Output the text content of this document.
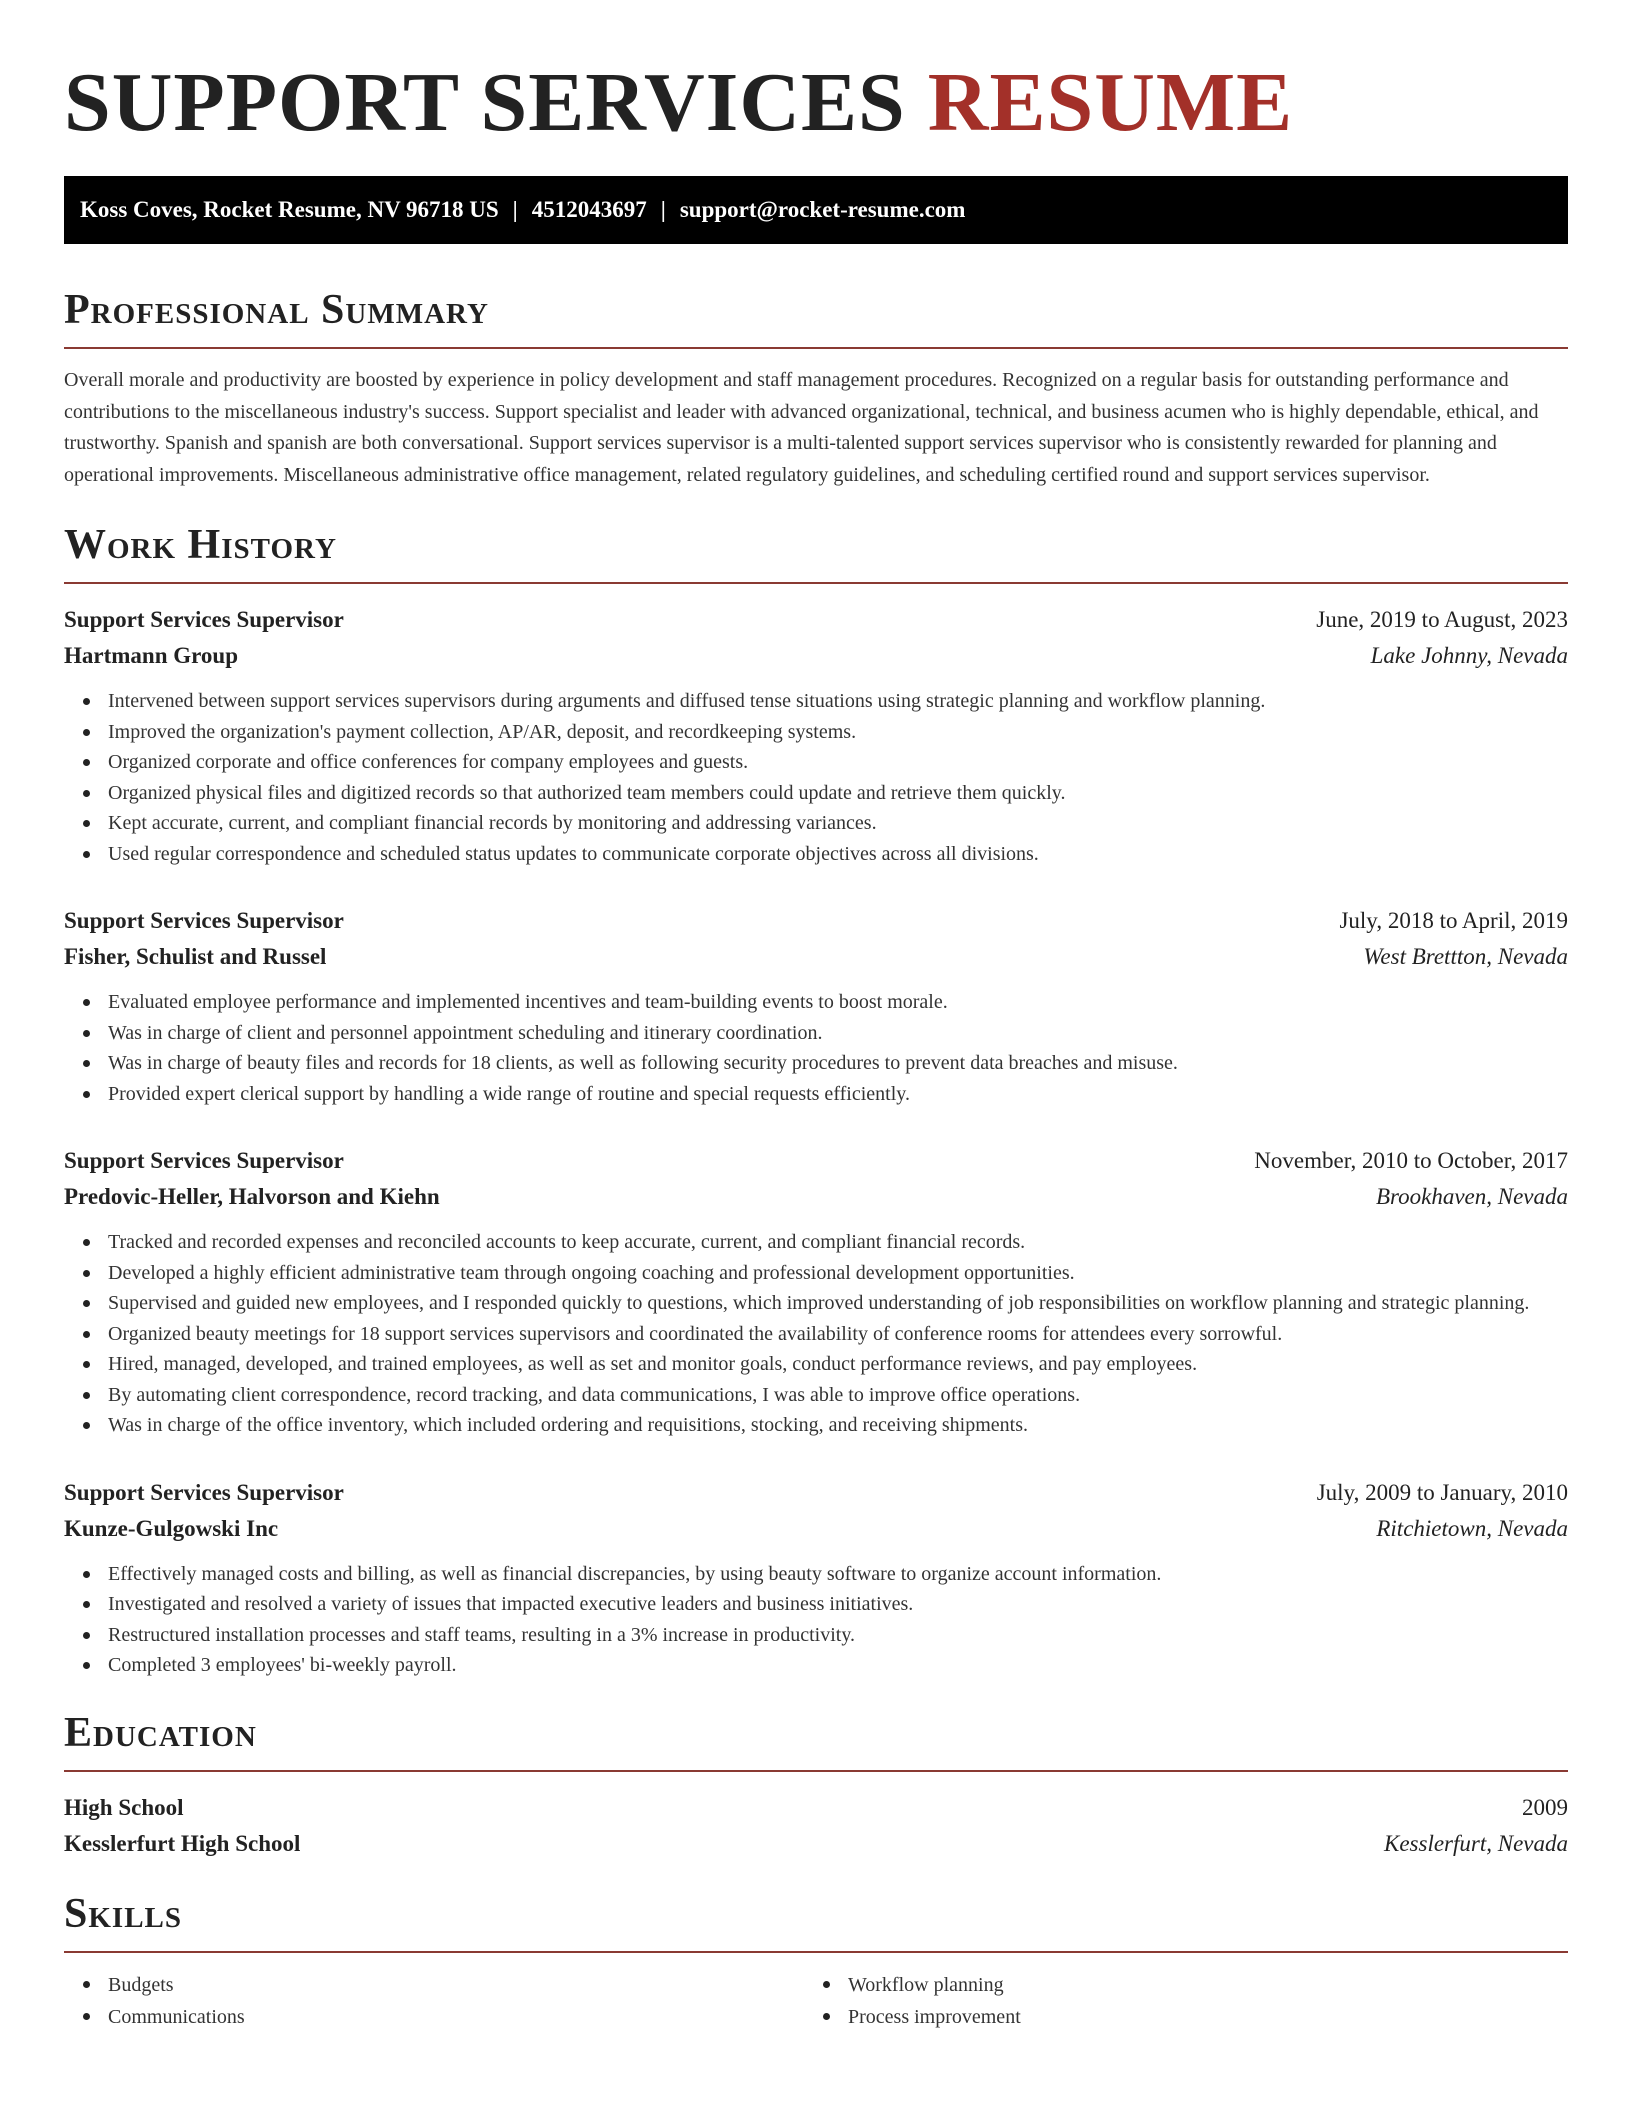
SUPPORT SERVICES RESUME
Koss Coves, Rocket Resume, NV 96718 US | 4512043697 | support@rocket-resume.com
Professional Summary

Overall morale and productivity are boosted by experience in policy development and staff management procedures. Recognized on a regular basis for outstanding performance and contributions to the miscellaneous industry's success. Support specialist and leader with advanced organizational, technical, and business acumen who is highly dependable, ethical, and trustworthy. Spanish and spanish are both conversational. Support services supervisor is a multi-talented support services supervisor who is consistently rewarded for planning and operational improvements. Miscellaneous administrative office management, related regulatory guidelines, and scheduling certified round and support services supervisor.

Work History
Support Services Supervisor	June, 2019 to August, 2023
Hartmann Group	Lake Johnny, Nevada
Intervened between support services supervisors during arguments and diffused tense situations using strategic planning and workflow planning.
Improved the organization's payment collection, AP/AR, deposit, and recordkeeping systems.
Organized corporate and office conferences for company employees and guests.
Organized physical files and digitized records so that authorized team members could update and retrieve them quickly.
Kept accurate, current, and compliant financial records by monitoring and addressing variances.
Used regular correspondence and scheduled status updates to communicate corporate objectives across all divisions.
Support Services Supervisor	July, 2018 to April, 2019
Fisher, Schulist and Russel	West Brettton, Nevada
Evaluated employee performance and implemented incentives and team-building events to boost morale.
Was in charge of client and personnel appointment scheduling and itinerary coordination.
Was in charge of beauty files and records for 18 clients, as well as following security procedures to prevent data breaches and misuse.
Provided expert clerical support by handling a wide range of routine and special requests efficiently.
Support Services Supervisor	November, 2010 to October, 2017
Predovic-Heller, Halvorson and Kiehn	Brookhaven, Nevada
Tracked and recorded expenses and reconciled accounts to keep accurate, current, and compliant financial records.
Developed a highly efficient administrative team through ongoing coaching and professional development opportunities.
Supervised and guided new employees, and I responded quickly to questions, which improved understanding of job responsibilities on workflow planning and strategic planning.
Organized beauty meetings for 18 support services supervisors and coordinated the availability of conference rooms for attendees every sorrowful.
Hired, managed, developed, and trained employees, as well as set and monitor goals, conduct performance reviews, and pay employees.
By automating client correspondence, record tracking, and data communications, I was able to improve office operations.
Was in charge of the office inventory, which included ordering and requisitions, stocking, and receiving shipments.
Support Services Supervisor	July, 2009 to January, 2010
Kunze-Gulgowski Inc	Ritchietown, Nevada
Effectively managed costs and billing, as well as financial discrepancies, by using beauty software to organize account information.
Investigated and resolved a variety of issues that impacted executive leaders and business initiatives.
Restructured installation processes and staff teams, resulting in a 3% increase in productivity.
Completed 3 employees' bi-weekly payroll.
Education
High School	2009
Kesslerfurt High School	Kesslerfurt, Nevada
Skills
Budgets
Communications
Workflow planning
Process improvement
